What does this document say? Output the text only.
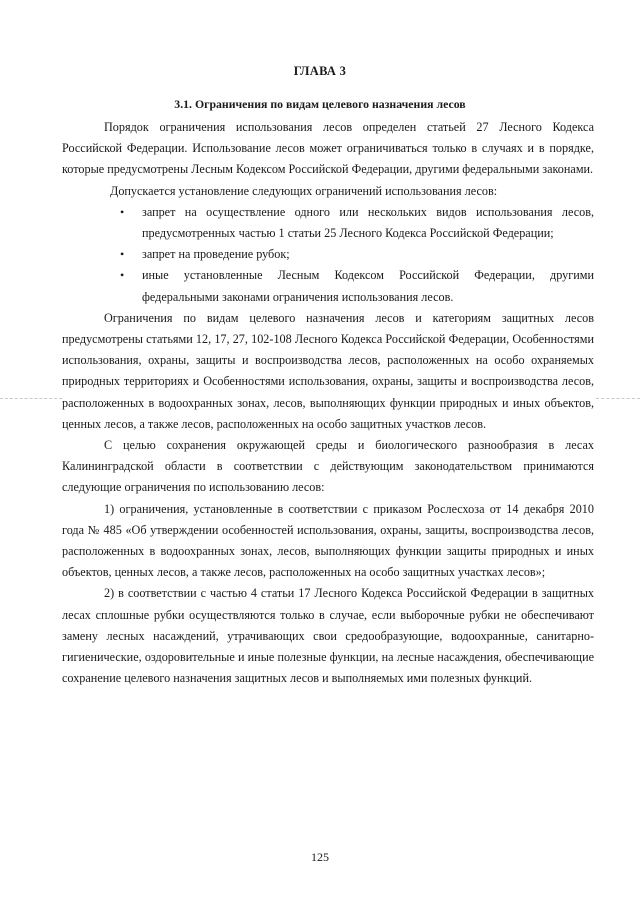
ГЛАВА 3
3.1. Ограничения по видам целевого назначения лесов

Порядок ограничения использования лесов определен статьей 27 Лесного Кодекса Российской Федерации. Использование лесов может ограничиваться только в случаях и в порядке, которые предусмотрены Лесным Кодексом Российской Федерации, другими федеральными законами.

Допускается установление следующих ограничений использования лесов:

• запрет на осуществление одного или нескольких видов использования лесов, предусмотренных частью 1 статьи 25 Лесного Кодекса Российской Федерации;
• запрет на проведение рубок;
• иные установленные Лесным Кодексом Российской Федерации, другими федеральными законами ограничения использования лесов.

Ограничения по видам целевого назначения лесов и категориям защитных лесов предусмотрены статьями 12, 17, 27, 102-108 Лесного Кодекса Российской Федерации, Особенностями использования, охраны, защиты и воспроизводства лесов, расположенных на особо охраняемых природных территориях и Особенностями использования, охраны, защиты и воспроизводства лесов, расположенных в водоохранных зонах, лесов, выполняющих функции природных и иных объектов, ценных лесов, а также лесов, расположенных на особо защитных участков лесов.

С целью сохранения окружающей среды и биологического разнообразия в лесах Калининградской области в соответствии с действующим законодательством принимаются следующие ограничения по использованию лесов:

1) ограничения, установленные в соответствии с приказом Рослесхоза от 14 декабря 2010 года № 485 «Об утверждении особенностей использования, охраны, защиты, воспроизводства лесов, расположенных в водоохранных зонах, лесов, выполняющих функции защиты природных и иных объектов, ценных лесов, а также лесов, расположенных на особо защитных участках лесов»;

2) в соответствии с частью 4 статьи 17 Лесного Кодекса Российской Федерации в защитных лесах сплошные рубки осуществляются только в случае, если выборочные рубки не обеспечивают замену лесных насаждений, утрачивающих свои средообразующие, водоохранные, санитарно-гигиенические, оздоровительные и иные полезные функции, на лесные насаждения, обеспечивающие сохранение целевого назначения защитных лесов и выполняемых ими полезных функций.

125
